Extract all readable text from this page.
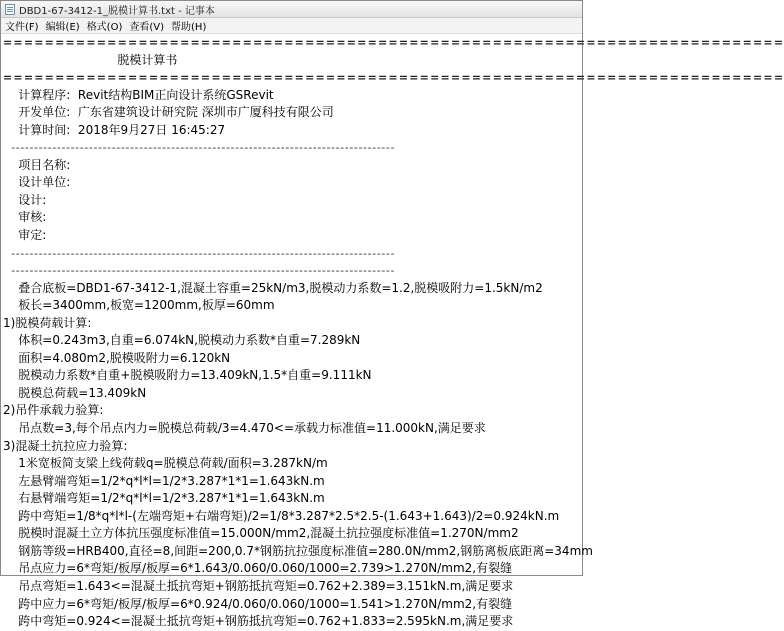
DBD1-67-3412-1_脱模计算书.txt - 记事本
文件(F) 编辑(E) 格式(O) 查看(V) 帮助(H)
===========================================================================
脱模计算书
===========================================================================
计算程序:  Revit结构BIM正向设计系统GSRevit
开发单位:  广东省建筑设计研究院 深圳市广厦科技有限公司
计算时间:  2018年9月27日 16:45:27
------------------------------------------------------------------------------------
项目名称:
设计单位:
设计:
审核:
审定:
------------------------------------------------------------------------------------
------------------------------------------------------------------------------------
叠合底板=DBD1-67-3412-1,混凝土容重=25kN/m3,脱模动力系数=1.2,脱模吸附力=1.5kN/m2
板长=3400mm,板宽=1200mm,板厚=60mm
1)脱模荷载计算:
体积=0.243m3,自重=6.074kN,脱模动力系数*自重=7.289kN
面积=4.080m2,脱模吸附力=6.120kN
脱模动力系数*自重+脱模吸附力=13.409kN,1.5*自重=9.111kN
脱模总荷载=13.409kN
2)吊件承载力验算:
吊点数=3,每个吊点内力=脱模总荷载/3=4.470<=承载力标准值=11.000kN,满足要求
3)混凝土抗拉应力验算:
1米宽板简支梁上线荷载q=脱模总荷载/面积=3.287kN/m
左悬臂端弯矩=1/2*q*l*l=1/2*3.287*1*1=1.643kN.m
右悬臂端弯矩=1/2*q*l*l=1/2*3.287*1*1=1.643kN.m
跨中弯矩=1/8*q*l*l-(左端弯矩+右端弯矩)/2=1/8*3.287*2.5*2.5-(1.643+1.643)/2=0.924kN.m
脱模时混凝土立方体抗压强度标准值=15.000N/mm2,混凝土抗拉强度标准值=1.270N/mm2
钢筋等级=HRB400,直径=8,间距=200,0.7*钢筋抗拉强度标准值=280.0N/mm2,钢筋离板底距离=34mm
吊点应力=6*弯矩/板厚/板厚=6*1.643/0.060/0.060/1000=2.739>1.270N/mm2,有裂缝
吊点弯矩=1.643<=混凝土抵抗弯矩+钢筋抵抗弯矩=0.762+2.389=3.151kN.m,满足要求
跨中应力=6*弯矩/板厚/板厚=6*0.924/0.060/0.060/1000=1.541>1.270N/mm2,有裂缝
跨中弯矩=0.924<=混凝土抵抗弯矩+钢筋抵抗弯矩=0.762+1.833=2.595kN.m,满足要求
